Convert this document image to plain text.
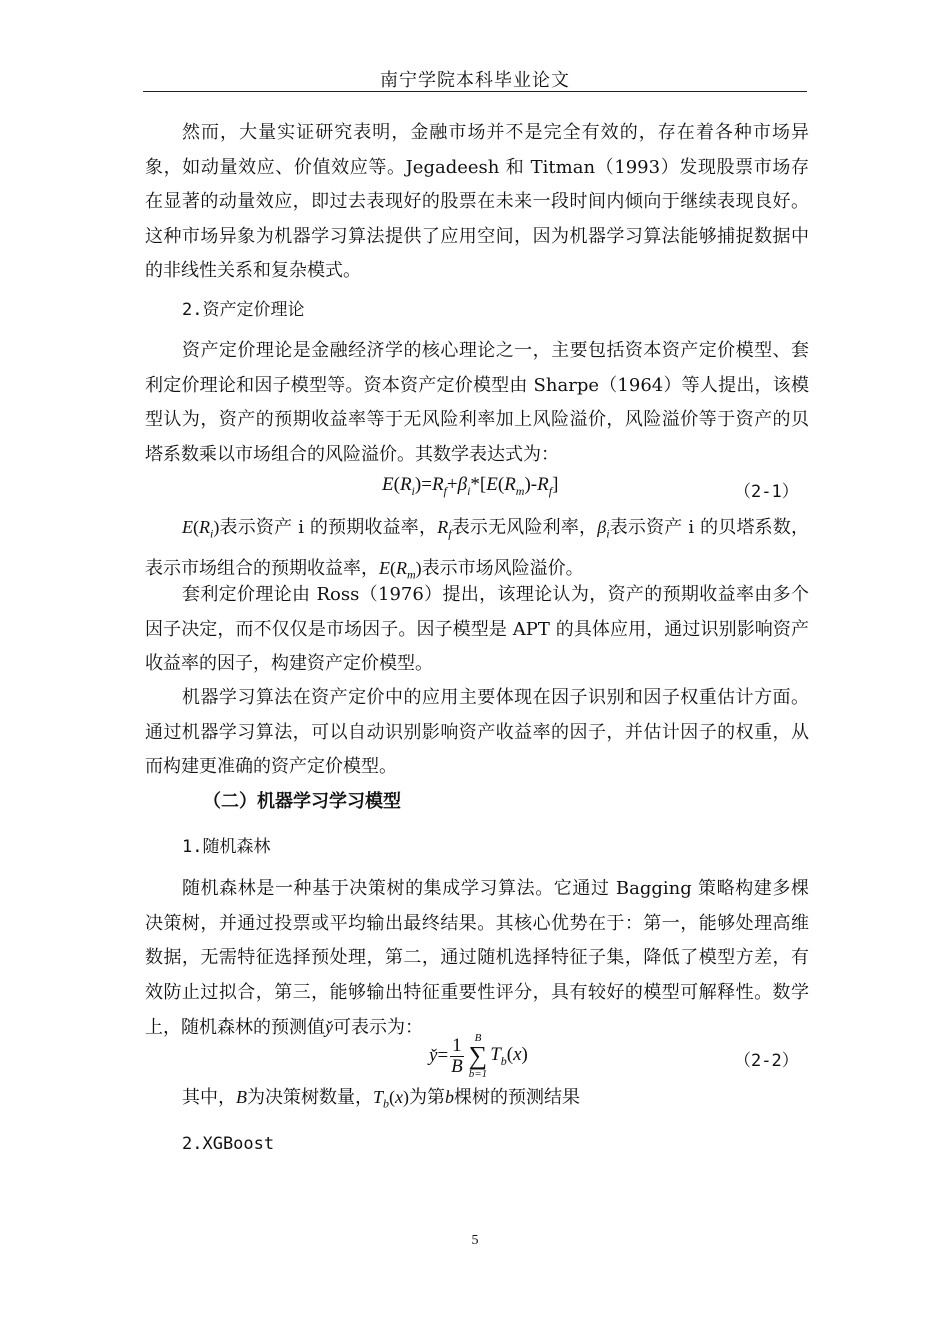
南宁学院本科毕业论文

然而，大量实证研究表明，金融市场并不是完全有效的，存在着各种市场异象，如动量效应、价值效应等。Jegadeesh 和 Titman（1993）发现股票市场存在显著的动量效应，即过去表现好的股票在未来一段时间内倾向于继续表现良好。这种市场异象为机器学习算法提供了应用空间，因为机器学习算法能够捕捉数据中的非线性关系和复杂模式。

2.资产定价理论

资产定价理论是金融经济学的核心理论之一，主要包括资本资产定价模型、套利定价理论和因子模型等。资本资产定价模型由 Sharpe（1964）等人提出，该模型认为，资产的预期收益率等于无风险利率加上风险溢价，风险溢价等于资产的贝塔系数乘以市场组合的风险溢价。其数学表达式为：

$E(R_i)=R_f+\beta_i*[E(R_m)-R_f]$	（2-1）

$E(R_i)$表示资产 i 的预期收益率，$R_f$表示无风险利率，$\beta_i$表示资产 i 的贝塔系数，表示市场组合的预期收益率，$E(R_m)$表示市场风险溢价。

套利定价理论由 Ross（1976）提出，该理论认为，资产的预期收益率由多个因子决定，而不仅仅是市场因子。因子模型是 APT 的具体应用，通过识别影响资产收益率的因子，构建资产定价模型。

机器学习算法在资产定价中的应用主要体现在因子识别和因子权重估计方面。通过机器学习算法，可以自动识别影响资产收益率的因子，并估计因子的权重，从而构建更准确的资产定价模型。

（二）机器学习学习模型
1.随机森林

随机森林是一种基于决策树的集成学习算法。它通过 Bagging 策略构建多棵决策树，并通过投票或平均输出最终结果。其核心优势在于：第一，能够处理高维数据，无需特征选择预处理，第二，通过随机选择特征子集，降低了模型方差，有效防止过拟合，第三，能够输出特征重要性评分，具有较好的模型可解释性。数学上，随机森林的预测值y̌可表示为：

y̌= $\frac{1}{B}$ B
∑
b=1
$T_b(x)$	（2-2）

其中，B为决策树数量，$T_b(x)$为第b棵树的预测结果

2.XGBoost
5
